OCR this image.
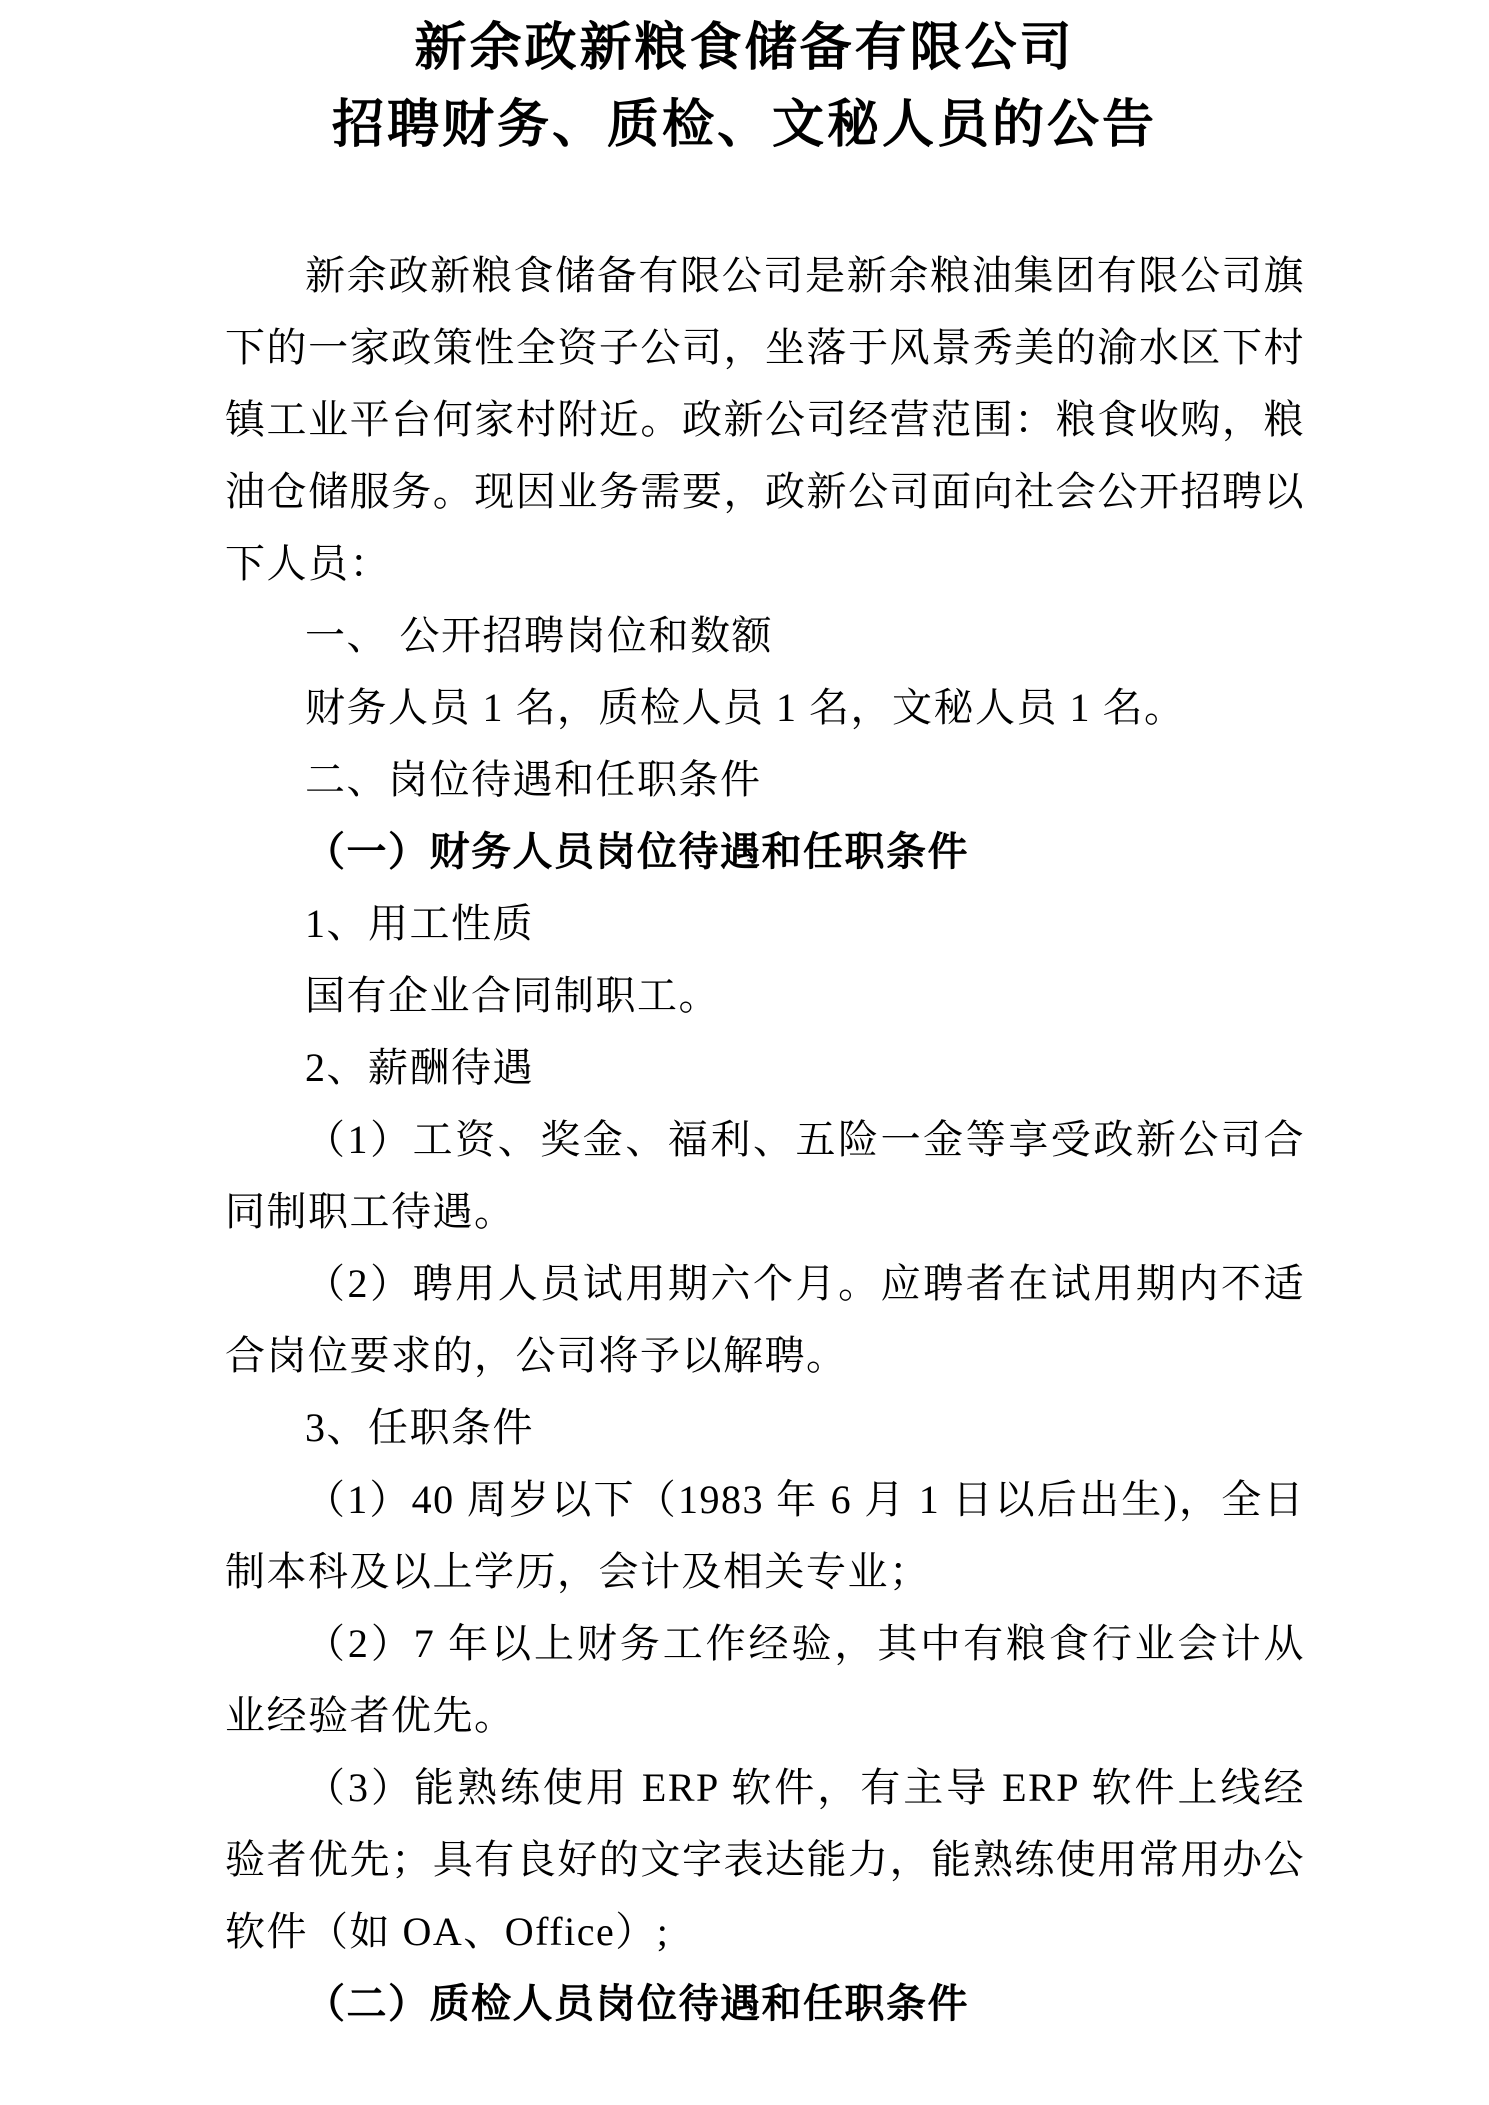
新余政新粮食储备有限公司
招聘财务、质检、文秘人员的公告

新余政新粮食储备有限公司是新余粮油集团有限公司旗下的一家政策性全资子公司，坐落于风景秀美的渝水区下村镇工业平台何家村附近。政新公司经营范围：粮食收购，粮油仓储服务。现因业务需要，政新公司面向社会公开招聘以下人员：

一、 公开招聘岗位和数额

财务人员 1 名，质检人员 1 名，文秘人员 1 名。

二、岗位待遇和任职条件

（一）财务人员岗位待遇和任职条件

1、用工性质

国有企业合同制职工。

2、薪酬待遇

（1）工资、奖金、福利、五险一金等享受政新公司合同制职工待遇。

（2）聘用人员试用期六个月。应聘者在试用期内不适合岗位要求的，公司将予以解聘。

3、任职条件

（1）40 周岁以下（1983 年 6 月 1 日以后出生)，全日制本科及以上学历，会计及相关专业；

（2）7 年以上财务工作经验，其中有粮食行业会计从业经验者优先。

（3）能熟练使用 ERP 软件，有主导 ERP 软件上线经验者优先；具有良好的文字表达能力，能熟练使用常用办公软件（如 OA、Office）;

（二）质检人员岗位待遇和任职条件
